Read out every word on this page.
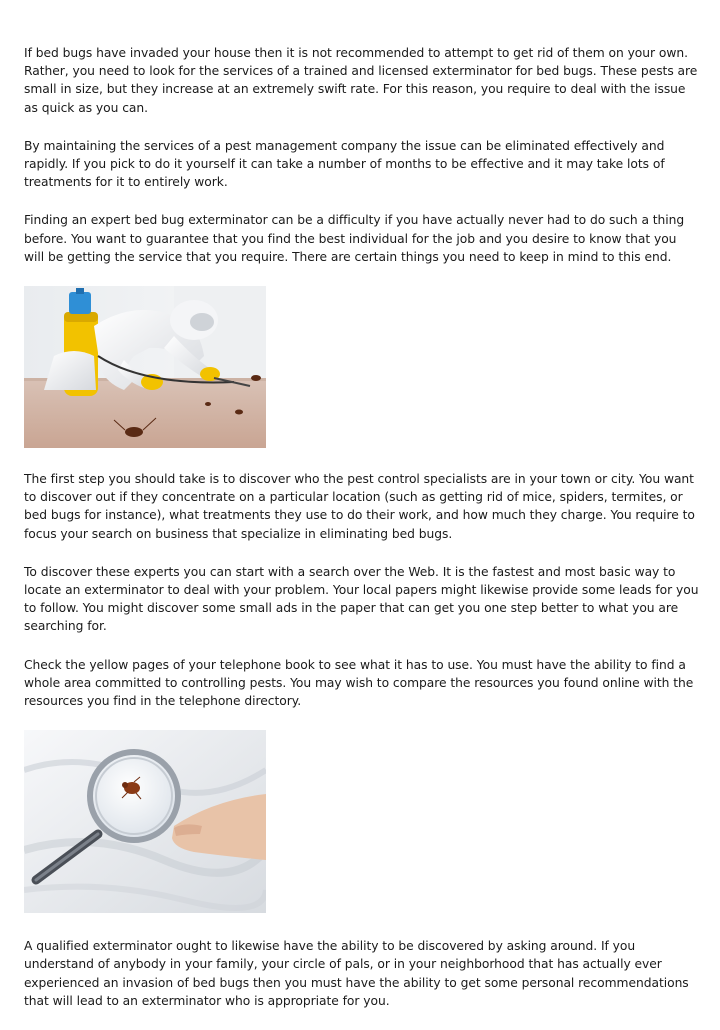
If bed bugs have invaded your house then it is not recommended to attempt to get rid of them on your own. Rather, you need to look for the services of a trained and licensed exterminator for bed bugs. These pests are small in size, but they increase at an extremely swift rate. For this reason, you require to deal with the issue as quick as you can.

By maintaining the services of a pest management company the issue can be eliminated effectively and rapidly. If you pick to do it yourself it can take a number of months to be effective and it may take lots of treatments for it to entirely work.

Finding an expert bed bug exterminator can be a difficulty if you have actually never had to do such a thing before. You want to guarantee that you find the best individual for the job and you desire to know that you will be getting the service that you require. There are certain things you need to keep in mind to this end.

The first step you should take is to discover who the pest control specialists are in your town or city. You want to discover out if they concentrate on a particular location (such as getting rid of mice, spiders, termites, or bed bugs for instance), what treatments they use to do their work, and how much they charge. You require to focus your search on business that specialize in eliminating bed bugs.

To discover these experts you can start with a search over the Web. It is the fastest and most basic way to locate an exterminator to deal with your problem. Your local papers might likewise provide some leads for you to follow. You might discover some small ads in the paper that can get you one step better to what you are searching for.

Check the yellow pages of your telephone book to see what it has to use. You must have the ability to find a whole area committed to controlling pests. You may wish to compare the resources you found online with the resources you find in the telephone directory.

A qualified exterminator ought to likewise have the ability to be discovered by asking around. If you understand of anybody in your family, your circle of pals, or in your neighborhood that has actually ever experienced an invasion of bed bugs then you must have the ability to get some personal recommendations that will lead to an exterminator who is appropriate for you.
